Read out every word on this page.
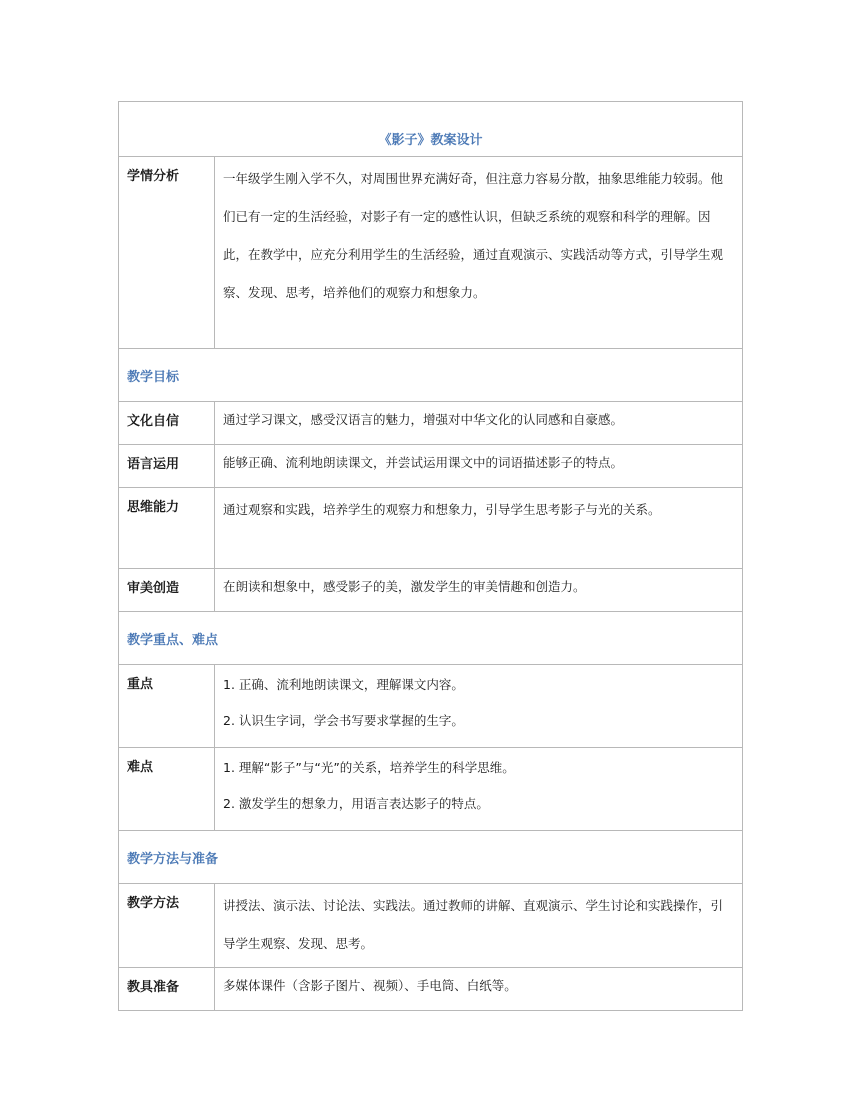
《影子》教案设计	
学情分析	一年级学生刚入学不久，对周围世界充满好奇，但注意力容易分散，抽象思维能力较弱。他们已有一定的生活经验，对影子有一定的感性认识，但缺乏系统的观察和科学的理解。因此，在教学中，应充分利用学生的生活经验，通过直观演示、实践活动等方式，引导学生观察、发现、思考，培养他们的观察力和想象力。
教学目标	
文化自信	通过学习课文，感受汉语言的魅力，增强对中华文化的认同感和自豪感。
语言运用	能够正确、流利地朗读课文，并尝试运用课文中的词语描述影子的特点。
思维能力	通过观察和实践，培养学生的观察力和想象力，引导学生思考影子与光的关系。
审美创造	在朗读和想象中，感受影子的美，激发学生的审美情趣和创造力。
教学重点、难点	
重点	1. 正确、流利地朗读课文，理解课文内容。

2. 认识生字词，学会书写要求掌握的生字。

难点	1. 理解“影子”与“光”的关系，培养学生的科学思维。

2. 激发学生的想象力，用语言表达影子的特点。

教学方法与准备	
教学方法	讲授法、演示法、讨论法、实践法。通过教师的讲解、直观演示、学生讨论和实践操作，引导学生观察、发现、思考。
教具准备	多媒体课件（含影子图片、视频）、手电筒、白纸等。
